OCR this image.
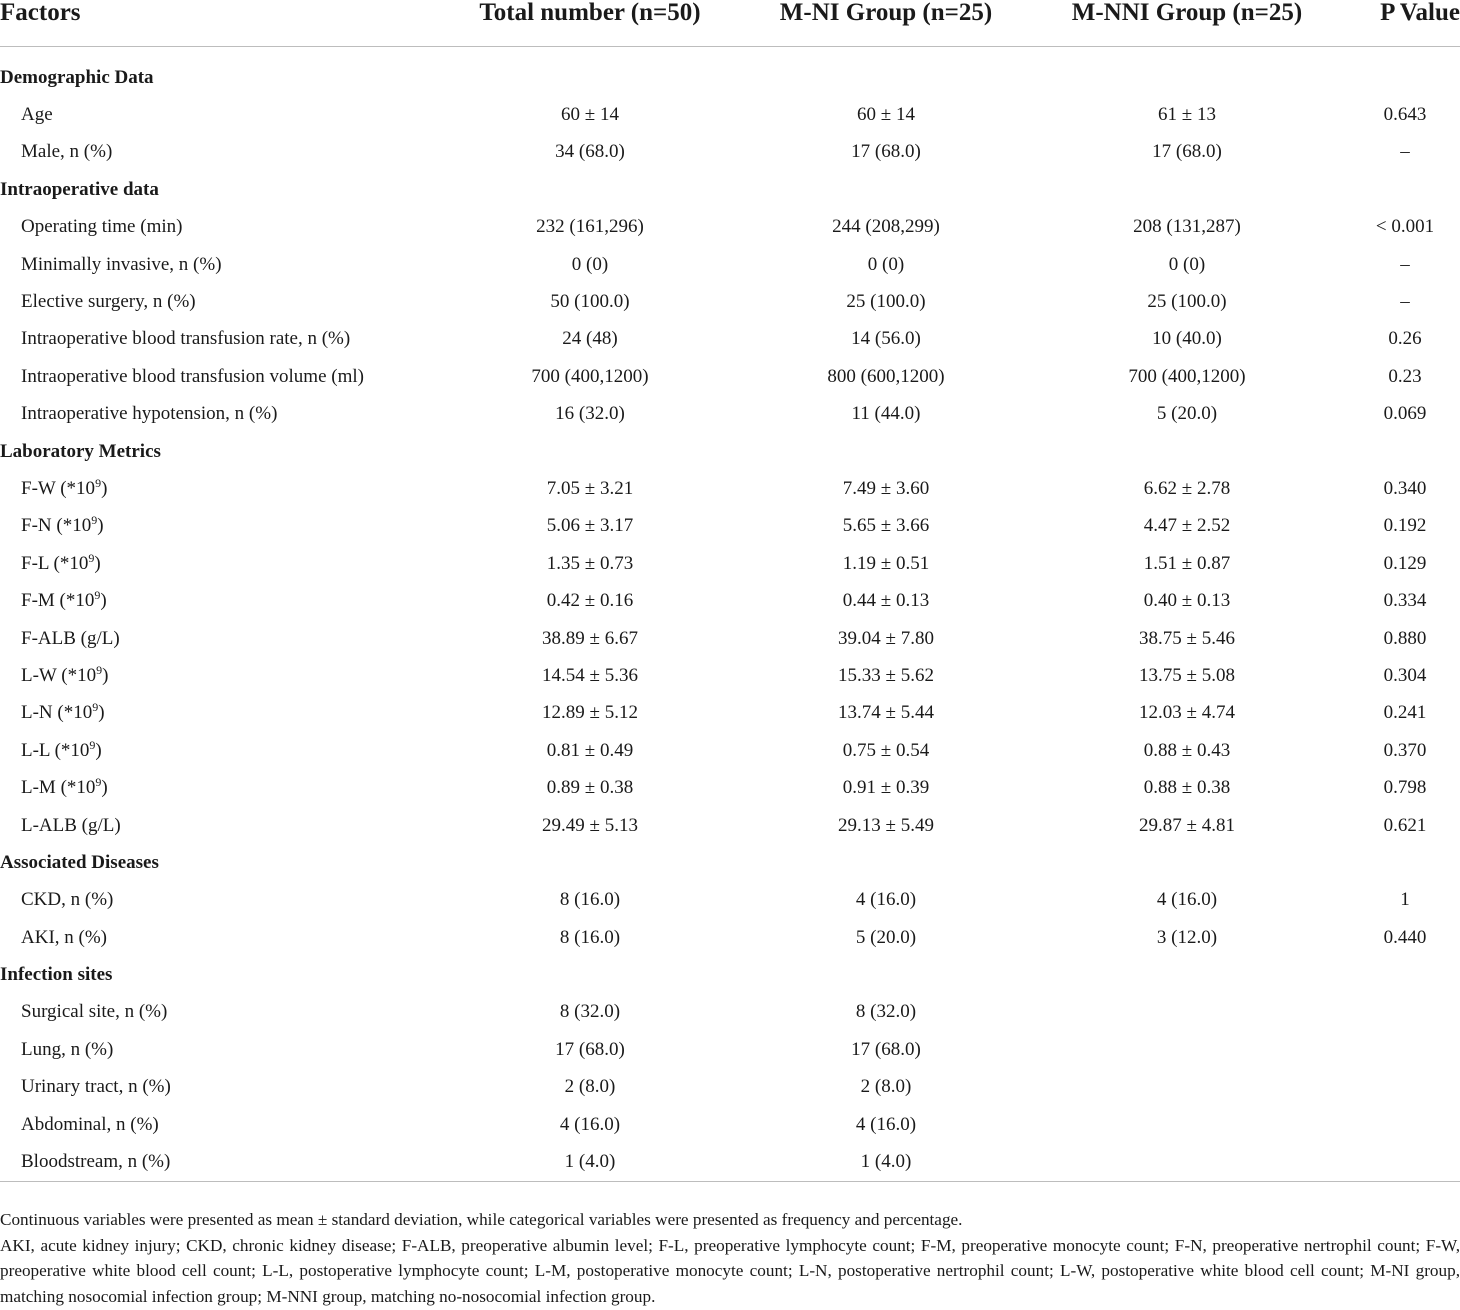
Factors	Total number (n=50)	M-NI Group (n=25)	M-NNI Group (n=25)	P Value

Demographic Data				
Age	60 ± 14	60 ± 14	61 ± 13	0.643
Male, n (%)	34 (68.0)	17 (68.0)	17 (68.0)	–
Intraoperative data				
Operating time (min)	232 (161,296)	244 (208,299)	208 (131,287)	< 0.001
Minimally invasive, n (%)	0 (0)	0 (0)	0 (0)	–
Elective surgery, n (%)	50 (100.0)	25 (100.0)	25 (100.0)	–
Intraoperative blood transfusion rate, n (%)	24 (48)	14 (56.0)	10 (40.0)	0.26
Intraoperative blood transfusion volume (ml)	700 (400,1200)	800 (600,1200)	700 (400,1200)	0.23
Intraoperative hypotension, n (%)	16 (32.0)	11 (44.0)	5 (20.0)	0.069
Laboratory Metrics				
F-W $(*10^9)$	7.05 ± 3.21	7.49 ± 3.60	6.62 ± 2.78	0.340
F-N $(*10^9)$	5.06 ± 3.17	5.65 ± 3.66	4.47 ± 2.52	0.192
F-L $(*10^9)$	1.35 ± 0.73	1.19 ± 0.51	1.51 ± 0.87	0.129
F-M $(*10^9)$	0.42 ± 0.16	0.44 ± 0.13	0.40 ± 0.13	0.334
F-ALB (g/L)	38.89 ± 6.67	39.04 ± 7.80	38.75 ± 5.46	0.880
L-W $(*10^9)$	14.54 ± 5.36	15.33 ± 5.62	13.75 ± 5.08	0.304
L-N $(*10^9)$	12.89 ± 5.12	13.74 ± 5.44	12.03 ± 4.74	0.241
L-L $(*10^9)$	0.81 ± 0.49	0.75 ± 0.54	0.88 ± 0.43	0.370
L-M $(*10^9)$	0.89 ± 0.38	0.91 ± 0.39	0.88 ± 0.38	0.798
L-ALB (g/L)	29.49 ± 5.13	29.13 ± 5.49	29.87 ± 4.81	0.621
Associated Diseases				
CKD, n (%)	8 (16.0)	4 (16.0)	4 (16.0)	1
AKI, n (%)	8 (16.0)	5 (20.0)	3 (12.0)	0.440
Infection sites				
Surgical site, n (%)	8 (32.0)	8 (32.0)		
Lung, n (%)	17 (68.0)	17 (68.0)		
Urinary tract, n (%)	2 (8.0)	2 (8.0)		
Abdominal, n (%)	4 (16.0)	4 (16.0)		
Bloodstream, n (%)	1 (4.0)	1 (4.0)		

Continuous variables were presented as mean ± standard deviation, while categorical variables were presented as frequency and percentage.

AKI, acute kidney injury; CKD, chronic kidney disease; F-ALB, preoperative albumin level; F-L, preoperative lymphocyte count; F-M, preoperative monocyte count; F-N, preoperative nertrophil count; F-W, preoperative white blood cell count; L-L, postoperative lymphocyte count; L-M, postoperative monocyte count; L-N, postoperative nertrophil count; L-W, postoperative white blood cell count; M-NI group, matching nosocomial infection group; M-NNI group, matching no-nosocomial infection group.
